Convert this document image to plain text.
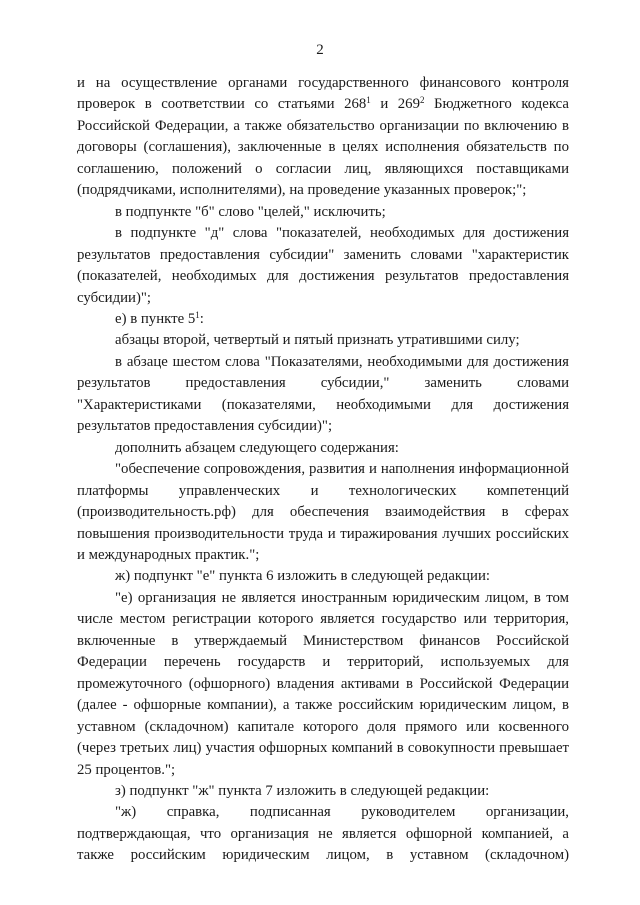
2

и на осуществление органами государственного финансового контроля проверок в соответствии со статьями $268^1$ и $269^2$ Бюджетного кодекса Российской Федерации, а также обязательство организации по включению в договоры (соглашения), заключенные в целях исполнения обязательств по соглашению, положений о согласии лиц, являющихся поставщиками (подрядчиками, исполнителями), на проведение указанных проверок;";

в подпункте "б" слово "целей," исключить;

в подпункте "д" слова "показателей, необходимых для достижения результатов предоставления субсидии" заменить словами "характеристик (показателей, необходимых для достижения результатов предоставления субсидии)";

е) в пункте $5^1$:

абзацы второй, четвертый и пятый признать утратившими силу;

в абзаце шестом слова "Показателями, необходимыми для достижения результатов предоставления субсидии," заменить словами "Характеристиками (показателями, необходимыми для достижения результатов предоставления субсидии)";

дополнить абзацем следующего содержания:

"обеспечение сопровождения, развития и наполнения информационной платформы управленческих и технологических компетенций (производительность.рф) для обеспечения взаимодействия в сферах повышения производительности труда и тиражирования лучших российских и международных практик.";

ж) подпункт "е" пункта 6 изложить в следующей редакции:

"е) организация не является иностранным юридическим лицом, в том числе местом регистрации которого является государство или территория, включенные в утверждаемый Министерством финансов Российской Федерации перечень государств и территорий, используемых для промежуточного (офшорного) владения активами в Российской Федерации (далее - офшорные компании), а также российским юридическим лицом, в уставном (складочном) капитале которого доля прямого или косвенного (через третьих лиц) участия офшорных компаний в совокупности превышает 25 процентов.";

з) подпункт "ж" пункта 7 изложить в следующей редакции:

"ж) справка, подписанная руководителем организации, подтверждающая, что организация не является офшорной компанией, а также российским юридическим лицом, в уставном (складочном)
